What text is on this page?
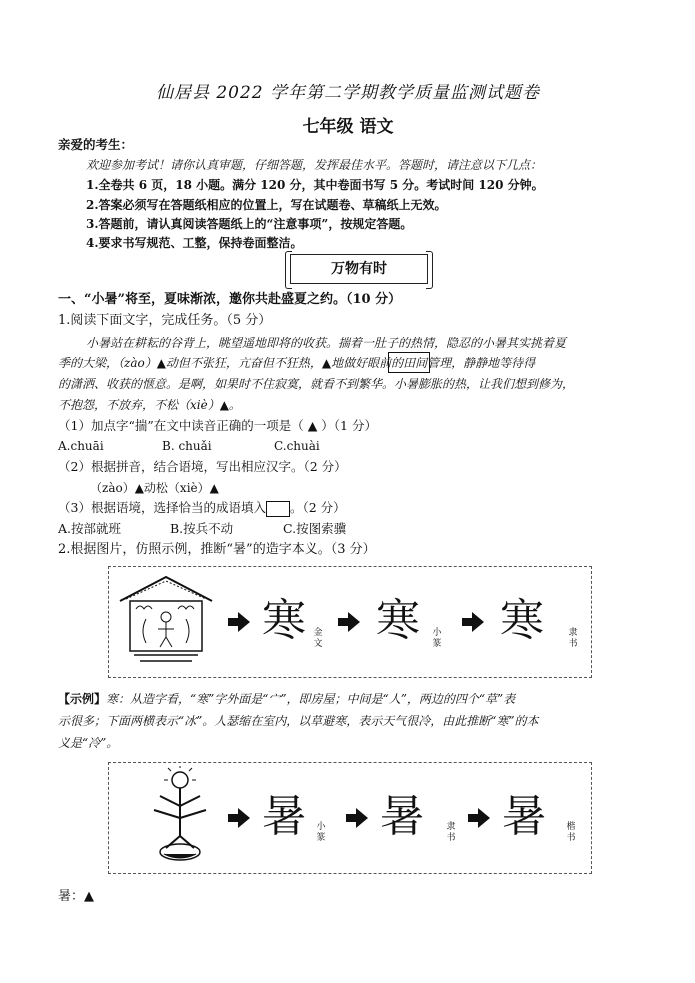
仙居县 2022 学年第二学期教学质量监测试题卷
七年级 语文
亲爱的考生：
欢迎参加考试！请你认真审题，仔细答题，发挥最佳水平。答题时，请注意以下几点：
1.全卷共 6 页，18 小题。满分 120 分，其中卷面书写 5 分。考试时间 120 分钟。
2.答案必须写在答题纸相应的位置上，写在试题卷、草稿纸上无效。
3.答题前，请认真阅读答题纸上的“注意事项”，按规定答题。
4.要求书写规范、工整，保持卷面整洁。
万物有时
一、“小暑”将至，夏味渐浓，邀你共赴盛夏之约。（10 分）
1.阅读下面文字，完成任务。（5 分）
小暑站在耕耘的谷背上，眺望遥地即将的收获。揣着一肚子的热情，隐忍的小暑其实挑着夏
季的大梁，（zào）▲动但不张狂，亢奋但不狂热，▲地做好眼前的田间管理，静静地等待得
的潇洒、收获的惬意。是啊，如果时不住寂寞，就看不到繁华。小暑膨胀的热，让我们想到修为，
不抱怨，不放弃，不松（xiè）▲。
（1）加点字“揣”在文中读音正确的一项是（ ▲ ）（1 分）
A.chuāi	B. chuǎi	C.chuài
（2）根据拼音，结合语境，写出相应汉字。（2 分）
（zào）▲动松（xiè）▲
（3）根据语境，选择恰当的成语填入 。（2 分）
A.按部就班	B.按兵不动	C.按图索骥
2.根据图片，仿照示例，推断“暑”的造字本义。（3 分）
寒 金文 寒 小篆 寒	隶书
【示例】寒：从造字看，“寒”字外面是“宀”，即房屋；中间是“人”，两边的四个“草”表
示很多；下面两横表示“冰”。人瑟缩在室内，以草避寒，表示天气很冷，由此推断“寒”的本
义是“冷”。
暑 小篆 暑 隶书 暑 楷书
暑：▲
